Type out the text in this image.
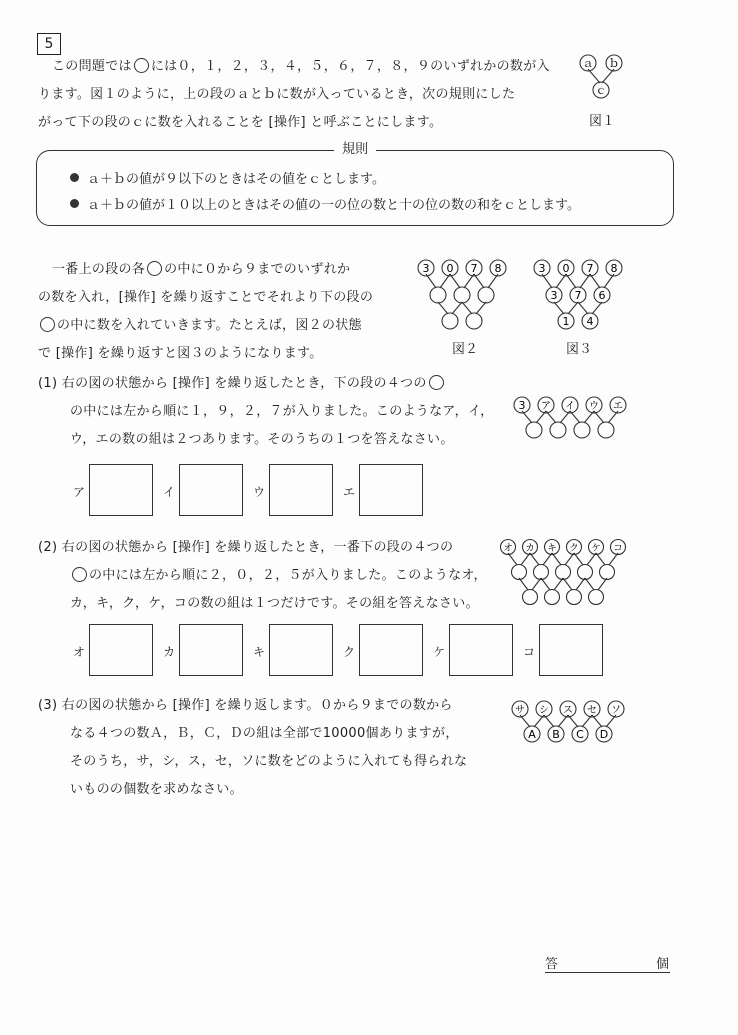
5
この問題では には０，１，２，３，４，５，６，７，８，９のいずれかの数が入
ります。図１のように，上の段のａとｂに数が入っているとき，次の規則にした
がって下の段のｃに数を入れることを [操作] と呼ぶことにします。
ａ ｂ
ｃ
図１
規則
ａ＋ｂの値が９以下のときはその値をｃとします。
ａ＋ｂの値が１０以上のときはその値の一の位の数と十の位の数の和をｃとします。
一番上の段の各 の中に０から９までのいずれか
の数を入れ，[操作] を繰り返すことでそれより下の段の
の中に数を入れていきます。たとえば，図２の状態
で [操作] を繰り返すと図３のようになります。
3 0 7 8
図２
3 0 7 8
3 7 6
1 4
図３
(1) 右の図の状態から [操作] を繰り返したとき，下の段の４つの
の中には左から順に１，９，２，７が入りました。このようなア，イ，
ウ，エの数の組は２つあります。そのうちの１つを答えなさい。
3 ア イ ウ エ
ア	イ	ウ	エ
(2) 右の図の状態から [操作] を繰り返したとき，一番下の段の４つの
の中には左から順に２，０，２，５が入りました。このようなオ，
カ，キ，ク，ケ，コの数の組は１つだけです。その組を答えなさい。
オ カ キ ク ケ コ
オ	カ	キ	ク	ケ	コ
(3) 右の図の状態から [操作] を繰り返します。０から９までの数から
なる４つの数Ａ，Ｂ，Ｃ，Ｄの組は全部で10000個ありますが，
そのうち，サ，シ，ス，セ，ソに数をどのように入れても得られな
いものの個数を求めなさい。
サ シ ス セ ソ
A B C D
答	個
